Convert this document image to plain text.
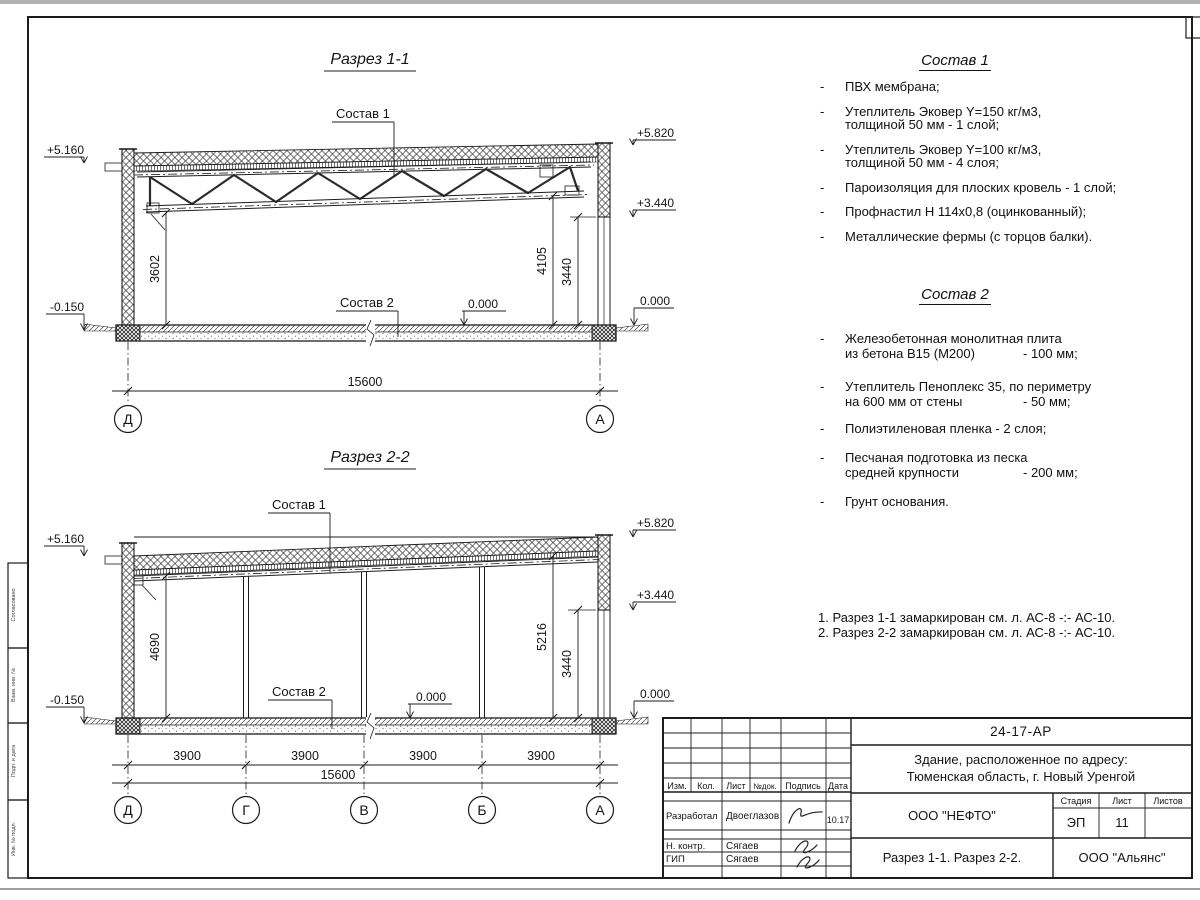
Согласовано
Взам. инв. №
Подп. и дата
Инв. № подл.
Разрез 1-1
+5.160
-0.150
+5.820
+3.440
0.000
0.000
Состав 1
Состав 2
3602	4105 3440
15600
Д	А
Разрез 2-2
+5.160
-0.150
+5.820
+3.440
0.000
0.000
Состав 1
Состав 2
4690	5216
3440
3900	3900	3900	3900
15600
Д	Г	В	Б	А
Изм. Кол. Лист №док. Подпись Дата
Разработал Двоеглазов	10.17
Н. контр. Сягаев
ГИП	Сягаев
24-17-АР
Здание, расположенное по адресу:
Тюменская область, г. Новый Уренгой
ООО "НЕФТО"
Стадия Лист Листов
ЭП 11
Разрез 1-1. Разрез 2-2.	ООО "Альянс"
Состав 1
- ПВХ мембрана;
- Утеплитель Эковер Y=150 кг/м3,
толщиной 50 мм - 1 слой;
- Утеплитель Эковер Y=100 кг/м3,
толщиной 50 мм - 4 слоя;
- Пароизоляция для плоских кровель - 1 слой;
- Профнастил Н 114х0,8 (оцинкованный);
- Металлические фермы (с торцов балки).
Состав 2
- Железобетонная монолитная плита
из бетона В15 (М200)	- 100 мм;
- Утеплитель Пеноплекс 35, по периметру
на 600 мм от стены	- 50 мм;
- Полиэтиленовая пленка - 2 слоя;
- Песчаная подготовка из песка
средней крупности	- 200 мм;
- Грунт основания.
1. Разрез 1-1 замаркирован см. л. АС-8 -:- АС-10.
2. Разрез 2-2 замаркирован см. л. АС-8 -:- АС-10.
